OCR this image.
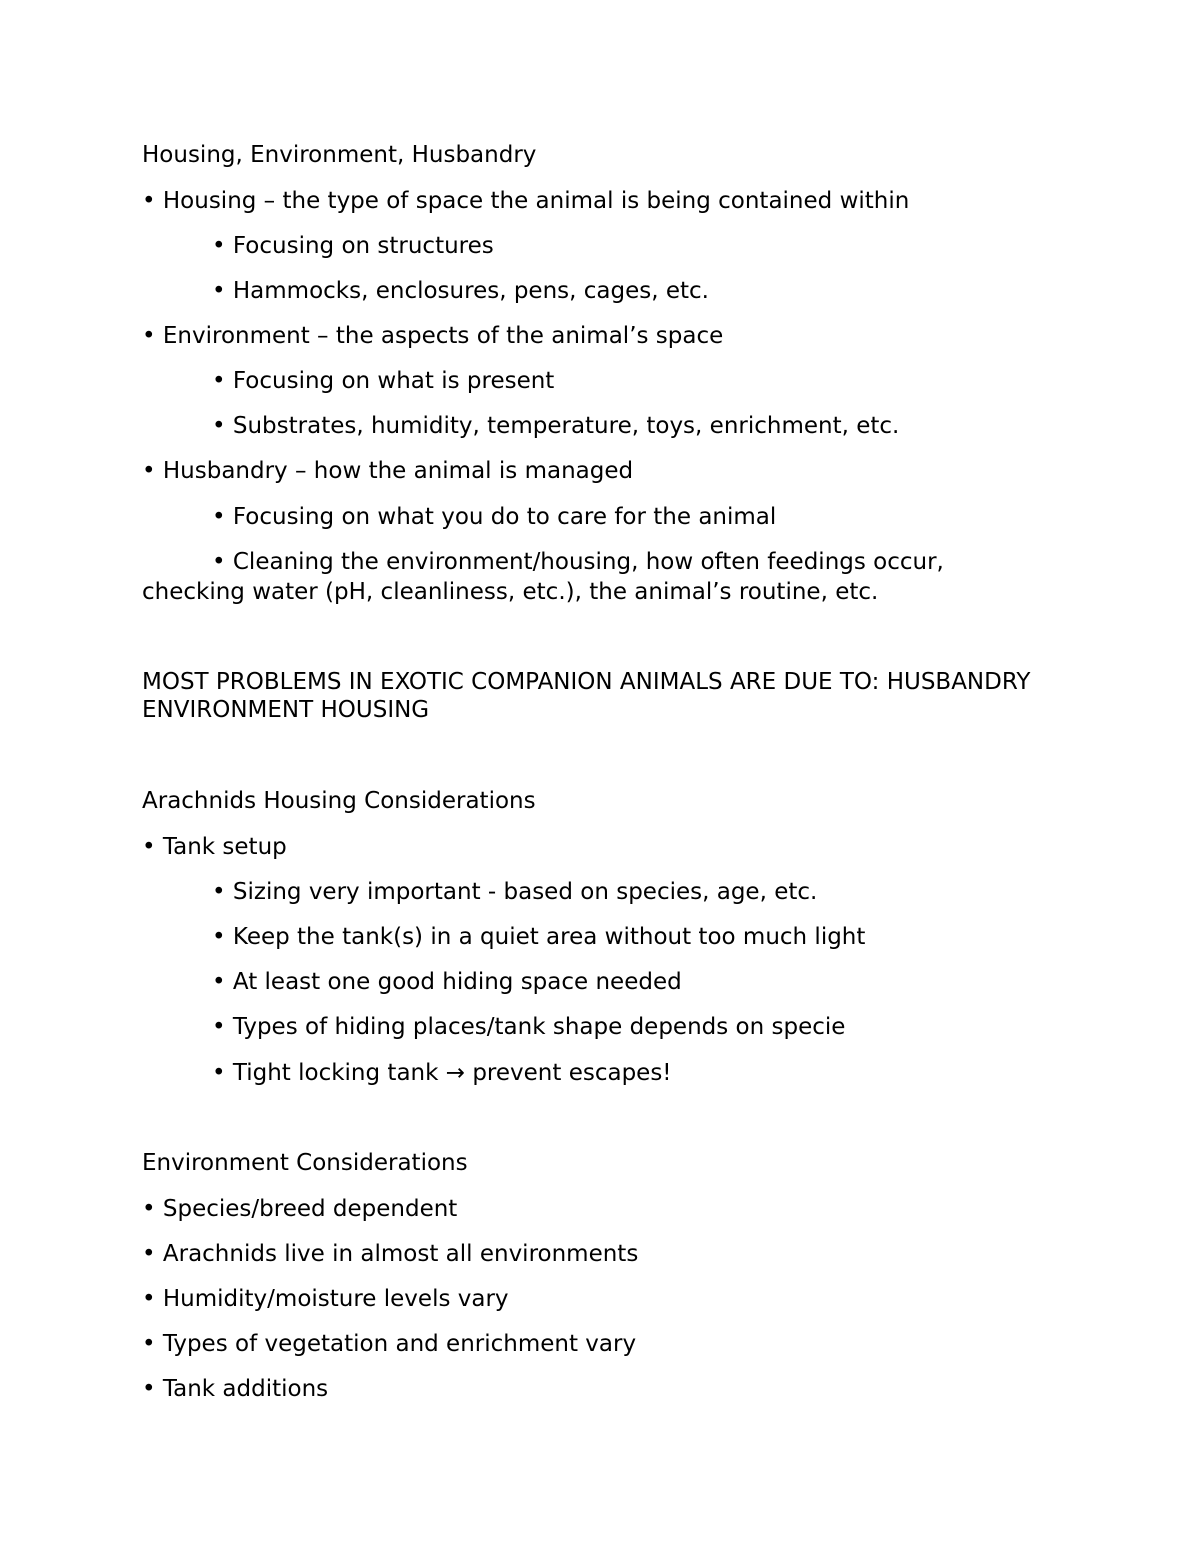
Housing, Environment, Husbandry
• Housing – the type of space the animal is being contained within
• Focusing on structures
• Hammocks, enclosures, pens, cages, etc.
• Environment – the aspects of the animal’s space
• Focusing on what is present
• Substrates, humidity, temperature, toys, enrichment, etc.
• Husbandry – how the animal is managed
• Focusing on what you do to care for the animal
• Cleaning the environment/housing, how often feedings occur,
checking water (pH, cleanliness, etc.), the animal’s routine, etc.
MOST PROBLEMS IN EXOTIC COMPANION ANIMALS ARE DUE TO: HUSBANDRY
ENVIRONMENT HOUSING
Arachnids Housing Considerations
• Tank setup
• Sizing very important - based on species, age, etc.
• Keep the tank(s) in a quiet area without too much light
• At least one good hiding space needed
• Types of hiding places/tank shape depends on specie
• Tight locking tank → prevent escapes!
Environment Considerations
• Species/breed dependent
• Arachnids live in almost all environments
• Humidity/moisture levels vary
• Types of vegetation and enrichment vary
• Tank additions
